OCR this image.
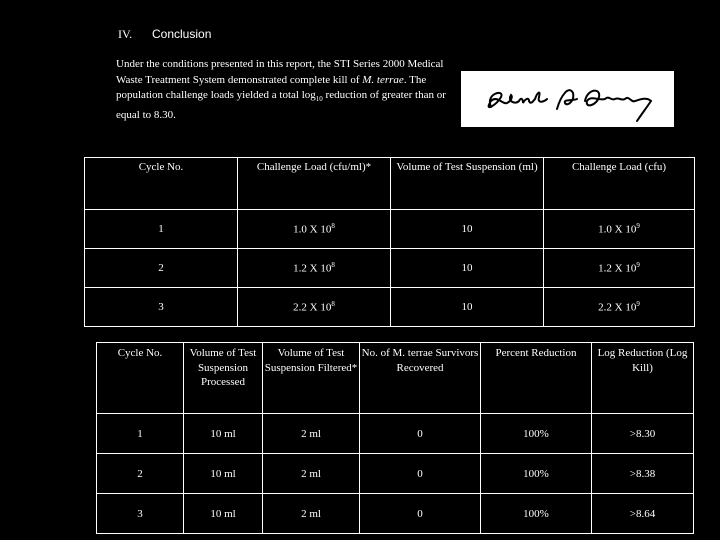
IV. Conclusion
Under the conditions presented in this report, the STI Series 2000 Medical Waste Treatment System demonstrated complete kill of M. terrae. The population challenge loads yielded a total $\log_{10}$ reduction of greater than or equal to 8.30.
Cycle No.	Challenge Load (cfu/ml)*	Volume of Test Suspension (ml)	Challenge Load (cfu)
1	1.0 X $10^8$	10	1.0 X $10^9$
2	1.2 X $10^8$	10	1.2 X $10^9$
3	2.2 X $10^8$	10	2.2 X $10^9$
Cycle No.	Volume of Test Suspension Processed	Volume of Test Suspension Filtered*	No. of M. terrae Survivors Recovered	Percent Reduction	Log Reduction (Log Kill)
1	10 ml	2 ml	0	100%	>8.30
2	10 ml	2 ml	0	100%	>8.38
3	10 ml	2 ml	0	100%	>8.64
